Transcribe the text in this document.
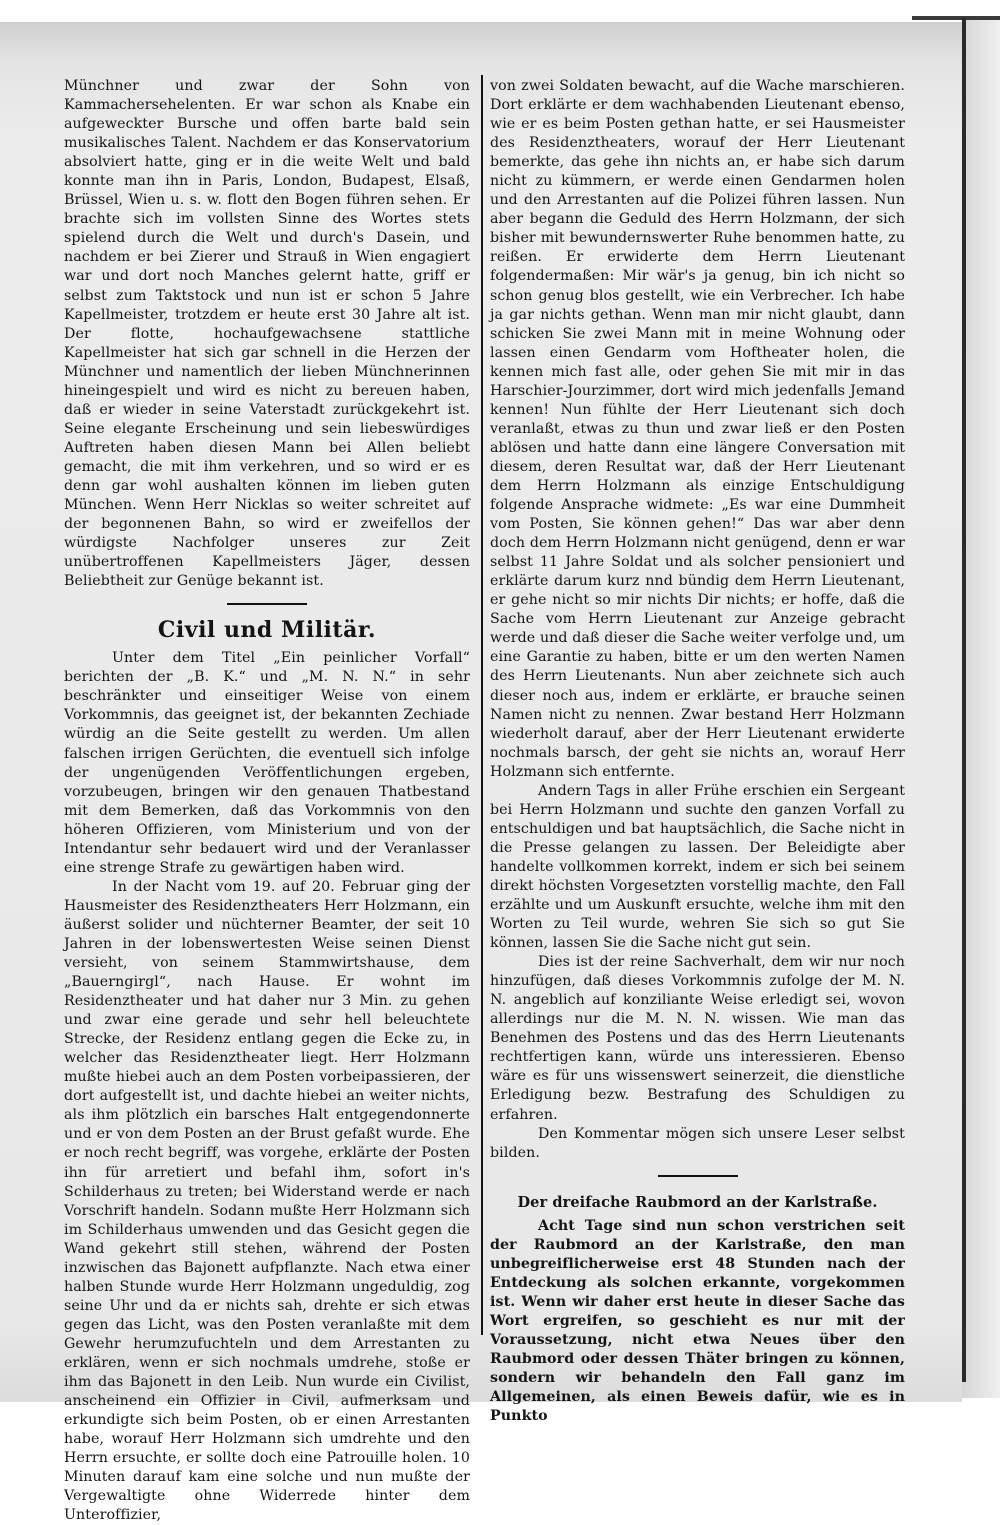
Münchner und zwar der Sohn von Kammachersehelenten. Er war schon als Knabe ein aufgeweckter Bursche und offen barte bald sein musikalisches Talent. Nachdem er das Konservatorium absolviert hatte, ging er in die weite Welt und bald konnte man ihn in Paris, London, Budapest, Elsaß, Brüssel, Wien u. s. w. flott den Bogen führen sehen. Er brachte sich im vollsten Sinne des Wortes stets spielend durch die Welt und durch's Dasein, und nachdem er bei Zierer und Strauß in Wien engagiert war und dort noch Manches gelernt hatte, griff er selbst zum Taktstock und nun ist er schon 5 Jahre Kapellmeister, trotzdem er heute erst 30 Jahre alt ist. Der flotte, hochaufgewachsene stattliche Kapellmeister hat sich gar schnell in die Herzen der Münchner und namentlich der lieben Münchnerinnen hineingespielt und wird es nicht zu bereuen haben, daß er wieder in seine Vaterstadt zurückgekehrt ist. Seine elegante Erscheinung und sein liebeswürdiges Auftreten haben diesen Mann bei Allen beliebt gemacht, die mit ihm verkehren, und so wird er es denn gar wohl aushalten können im lieben guten München. Wenn Herr Nicklas so weiter schreitet auf der begonnenen Bahn, so wird er zweifellos der würdigste Nachfolger unseres zur Zeit unübertroffenen Kapellmeisters Jäger, dessen Beliebtheit zur Genüge bekannt ist.

Civil und Militär.

Unter dem Titel „Ein peinlicher Vorfall“ berichten der „B. K.“ und „M. N. N.“ in sehr beschränkter und einseitiger Weise von einem Vorkommnis, das geeignet ist, der bekannten Zechiade würdig an die Seite gestellt zu werden. Um allen falschen irrigen Gerüchten, die eventuell sich infolge der ungenügenden Veröffentlichungen ergeben, vorzubeugen, bringen wir den genauen Thatbestand mit dem Bemerken, daß das Vorkommnis von den höheren Offizieren, vom Ministerium und von der Intendantur sehr bedauert wird und der Veranlasser eine strenge Strafe zu gewärtigen haben wird.

In der Nacht vom 19. auf 20. Februar ging der Hausmeister des Residenztheaters Herr Holzmann, ein äußerst solider und nüchterner Beamter, der seit 10 Jahren in der lobenswertesten Weise seinen Dienst versieht, von seinem Stammwirtshause, dem „Bauerngirgl“, nach Hause. Er wohnt im Residenztheater und hat daher nur 3 Min. zu gehen und zwar eine gerade und sehr hell beleuchtete Strecke, der Residenz entlang gegen die Ecke zu, in welcher das Residenztheater liegt. Herr Holzmann mußte hiebei auch an dem Posten vorbeipassieren, der dort aufgestellt ist, und dachte hiebei an weiter nichts, als ihm plötzlich ein barsches Halt entgegendonnerte und er von dem Posten an der Brust gefaßt wurde. Ehe er noch recht begriff, was vorgehe, erklärte der Posten ihn für arretiert und befahl ihm, sofort in's Schilderhaus zu treten; bei Widerstand werde er nach Vorschrift handeln. Sodann mußte Herr Holzmann sich im Schilderhaus umwenden und das Gesicht gegen die Wand gekehrt still stehen, während der Posten inzwischen das Bajonett aufpflanzte. Nach etwa einer halben Stunde wurde Herr Holzmann ungeduldig, zog seine Uhr und da er nichts sah, drehte er sich etwas gegen das Licht, was den Posten veranlaßte mit dem Gewehr herumzufuchteln und dem Arrestanten zu erklären, wenn er sich nochmals umdrehe, stoße er ihm das Bajonett in den Leib. Nun wurde ein Civilist, anscheinend ein Offizier in Civil, aufmerksam und erkundigte sich beim Posten, ob er einen Arrestanten habe, worauf Herr Holzmann sich umdrehte und den Herrn ersuchte, er sollte doch eine Patrouille holen. 10 Minuten darauf kam eine solche und nun mußte der Vergewaltigte ohne Widerrede hinter dem Unteroffizier,

von zwei Soldaten bewacht, auf die Wache marschieren. Dort erklärte er dem wachhabenden Lieutenant ebenso, wie er es beim Posten gethan hatte, er sei Hausmeister des Residenztheaters, worauf der Herr Lieutenant bemerkte, das gehe ihn nichts an, er habe sich darum nicht zu kümmern, er werde einen Gendarmen holen und den Arrestanten auf die Polizei führen lassen. Nun aber begann die Geduld des Herrn Holzmann, der sich bisher mit bewundernswerter Ruhe benommen hatte, zu reißen. Er erwiderte dem Herrn Lieutenant folgendermaßen: Mir wär's ja genug, bin ich nicht so schon genug blos gestellt, wie ein Verbrecher. Ich habe ja gar nichts gethan. Wenn man mir nicht glaubt, dann schicken Sie zwei Mann mit in meine Wohnung oder lassen einen Gendarm vom Hoftheater holen, die kennen mich fast alle, oder gehen Sie mit mir in das Harschier-Jourzimmer, dort wird mich jedenfalls Jemand kennen! Nun fühlte der Herr Lieutenant sich doch veranlaßt, etwas zu thun und zwar ließ er den Posten ablösen und hatte dann eine längere Conversation mit diesem, deren Resultat war, daß der Herr Lieutenant dem Herrn Holzmann als einzige Entschuldigung folgende Ansprache widmete: „Es war eine Dummheit vom Posten, Sie können gehen!“ Das war aber denn doch dem Herrn Holzmann nicht genügend, denn er war selbst 11 Jahre Soldat und als solcher pensioniert und erklärte darum kurz nnd bündig dem Herrn Lieutenant, er gehe nicht so mir nichts Dir nichts; er hoffe, daß die Sache vom Herrn Lieutenant zur Anzeige gebracht werde und daß dieser die Sache weiter verfolge und, um eine Garantie zu haben, bitte er um den werten Namen des Herrn Lieutenants. Nun aber zeichnete sich auch dieser noch aus, indem er erklärte, er brauche seinen Namen nicht zu nennen. Zwar bestand Herr Holzmann wiederholt darauf, aber der Herr Lieutenant erwiderte nochmals barsch, der geht sie nichts an, worauf Herr Holzmann sich entfernte.

Andern Tags in aller Frühe erschien ein Sergeant bei Herrn Holzmann und suchte den ganzen Vorfall zu entschuldigen und bat hauptsächlich, die Sache nicht in die Presse gelangen zu lassen. Der Beleidigte aber handelte vollkommen korrekt, indem er sich bei seinem direkt höchsten Vorgesetzten vorstellig machte, den Fall erzählte und um Auskunft ersuchte, welche ihm mit den Worten zu Teil wurde, wehren Sie sich so gut Sie können, lassen Sie die Sache nicht gut sein.

Dies ist der reine Sachverhalt, dem wir nur noch hinzufügen, daß dieses Vorkommnis zufolge der M. N. N. angeblich auf konziliante Weise erledigt sei, wovon allerdings nur die M. N. N. wissen. Wie man das Benehmen des Postens und das des Herrn Lieutenants rechtfertigen kann, würde uns interessieren. Ebenso wäre es für uns wissenswert seinerzeit, die dienstliche Erledigung bezw. Bestrafung des Schuldigen zu erfahren.

Den Kommentar mögen sich unsere Leser selbst bilden.

Der dreifache Raubmord an der Karlstraße.

Acht Tage sind nun schon verstrichen seit der Raubmord an der Karlstraße, den man unbegreiflicherweise erst 48 Stunden nach der Entdeckung als solchen erkannte, vorgekommen ist. Wenn wir daher erst heute in dieser Sache das Wort ergreifen, so geschieht es nur mit der Voraussetzung, nicht etwa Neues über den Raubmord oder dessen Thäter bringen zu können, sondern wir behandeln den Fall ganz im Allgemeinen, als einen Beweis dafür, wie es in Punkto
